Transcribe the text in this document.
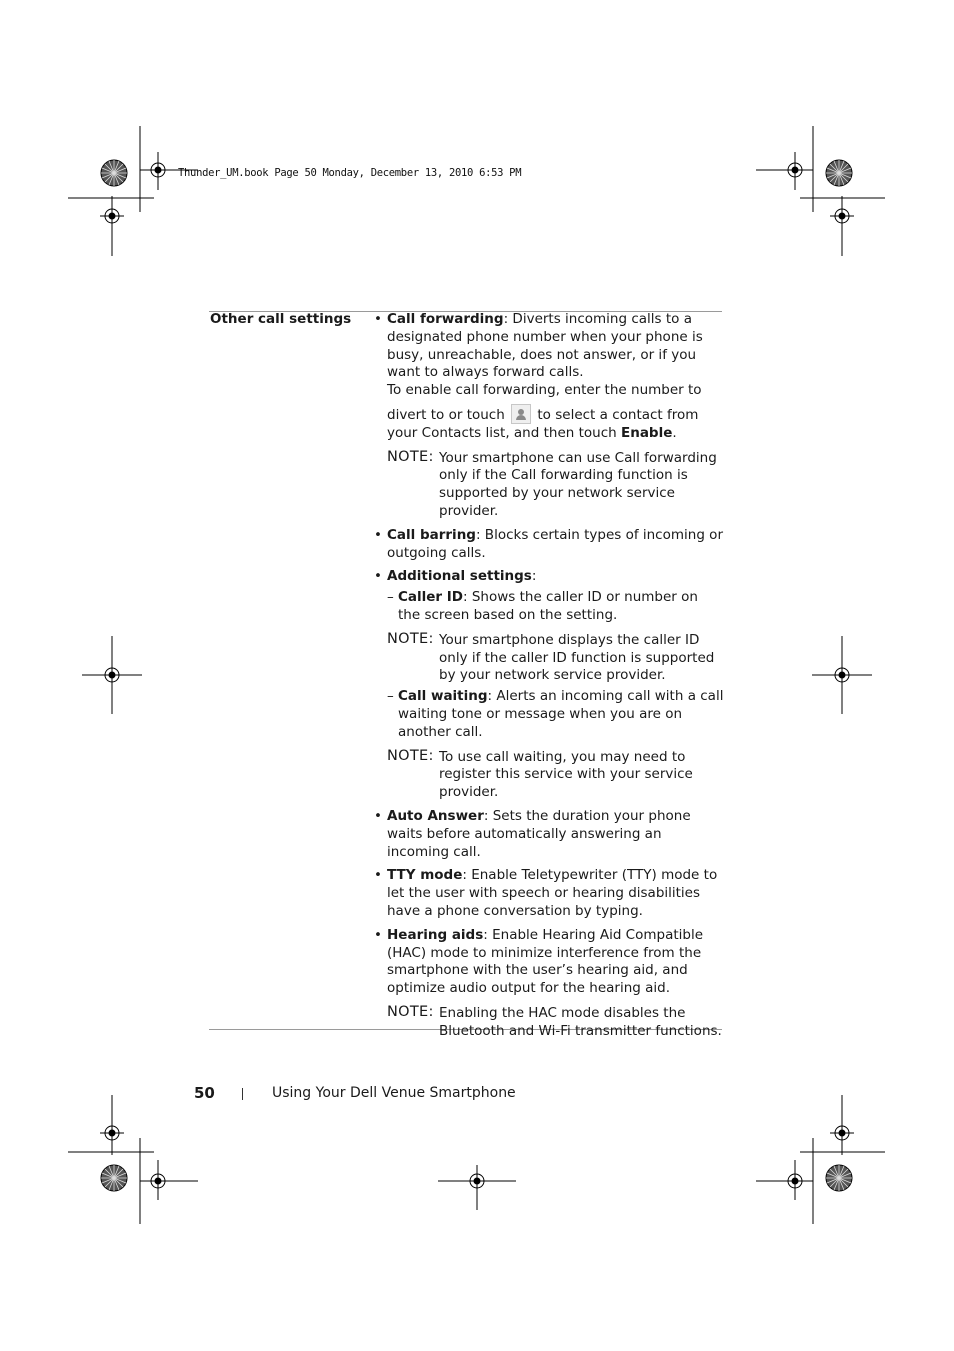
Thunder_UM.book Page 50 Monday, December 13, 2010 6:53 PM
Other call settings
•	Call forwarding: Diverts incoming calls to a designated phone number when your phone is busy, unreachable, does not answer, or if you want to always forward calls.
To enable call forwarding, enter the number to
divert to or touch to select a contact from your Contacts list, and then touch Enable.
NOTE: Your smartphone can use Call forwarding only if the Call forwarding function is supported by your network service provider.
• Call barring: Blocks certain types of incoming or outgoing calls.
• Additional settings:
– Caller ID: Shows the caller ID or number on the screen based on the setting.
NOTE: Your smartphone displays the caller ID only if the caller ID function is supported by your network service provider.
– Call waiting: Alerts an incoming call with a call waiting tone or message when you are on another call.
NOTE: To use call waiting, you may need to register this service with your service provider.
• Auto Answer: Sets the duration your phone waits before automatically answering an incoming call.
• TTY mode: Enable Teletypewriter (TTY) mode to let the user with speech or hearing disabilities have a phone conversation by typing.
• Hearing aids: Enable Hearing Aid Compatible (HAC) mode to minimize interference from the smartphone with the user’s hearing aid, and optimize audio output for the hearing aid.
NOTE: Enabling the HAC mode disables the Bluetooth and Wi-Fi transmitter functions.
50	Using Your Dell Venue Smartphone
